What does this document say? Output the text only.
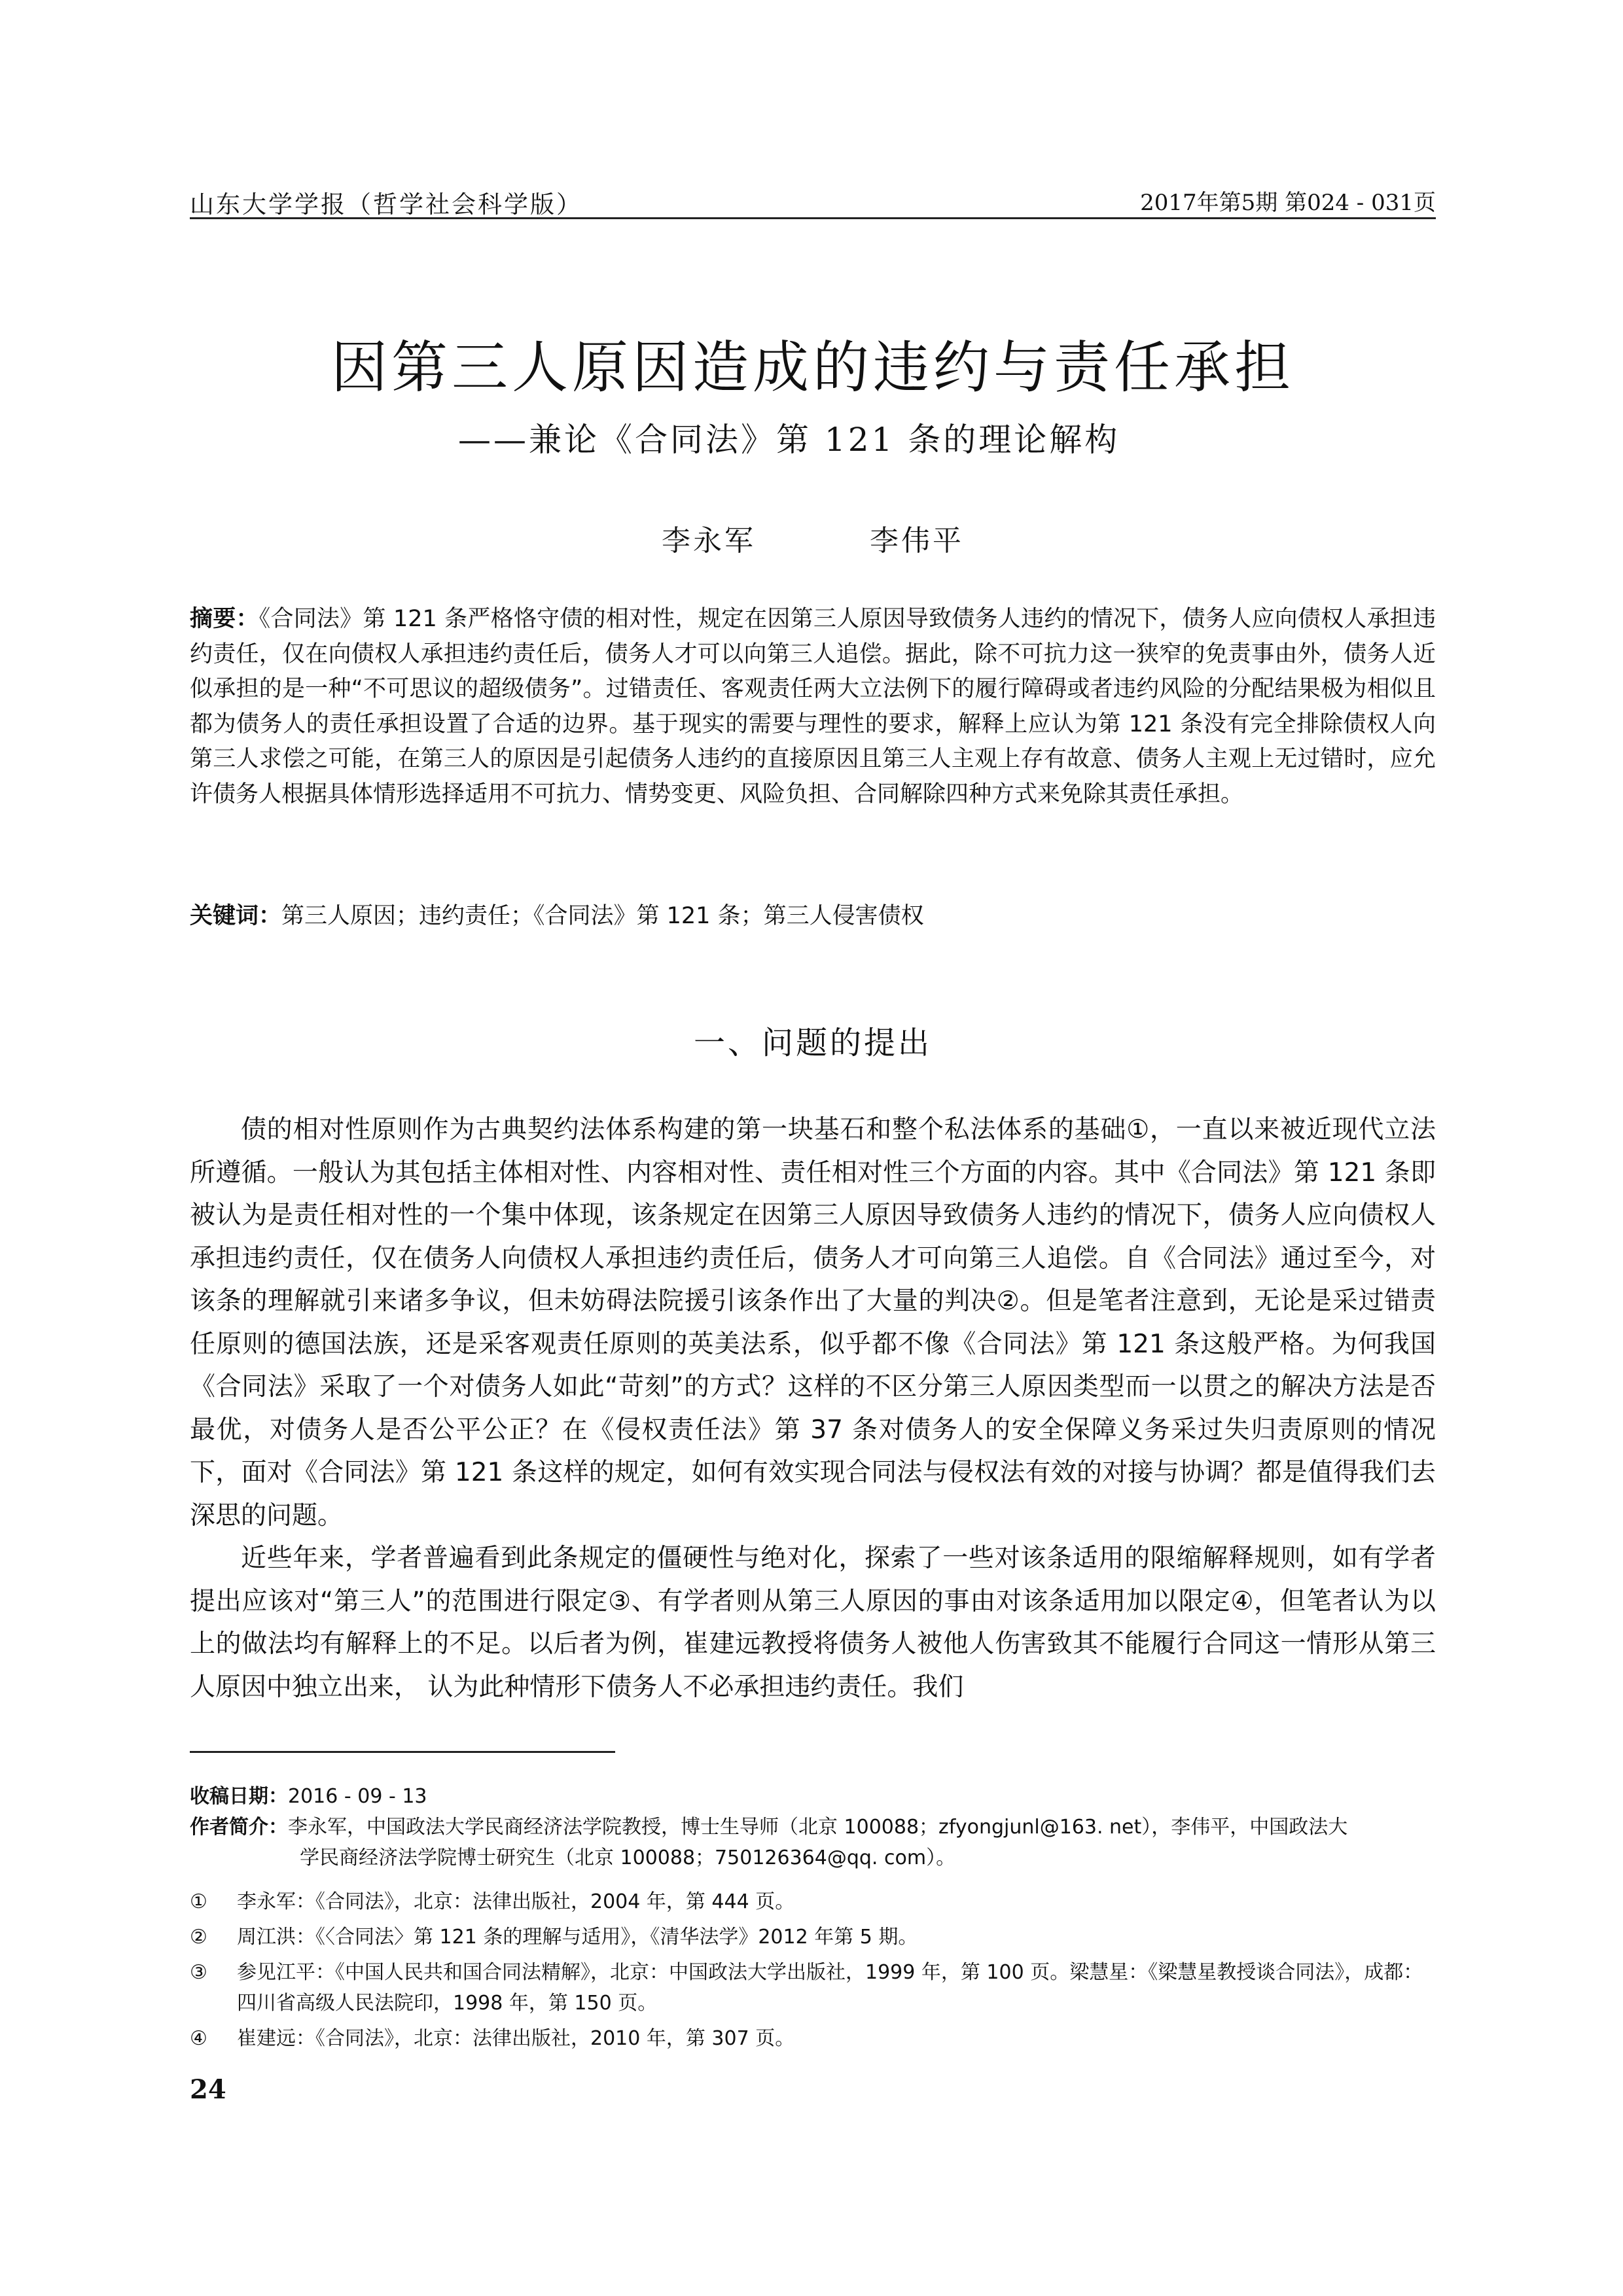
山东大学学报（哲学社会科学版）	2017年第5期 第024 - 031页
因第三人原因造成的违约与责任承担
——兼论《合同法》第 121 条的理论解构
李永军   李伟平
摘要：《合同法》第 121 条严格恪守债的相对性，规定在因第三人原因导致债务人违约的情况下，债务人应向债权人承担违约责任，仅在向债权人承担违约责任后，债务人才可以向第三人追偿。据此，除不可抗力这一狭窄的免责事由外，债务人近似承担的是一种“不可思议的超级债务”。过错责任、客观责任两大立法例下的履行障碍或者违约风险的分配结果极为相似且都为债务人的责任承担设置了合适的边界。基于现实的需要与理性的要求，解释上应认为第 121 条没有完全排除债权人向第三人求偿之可能，在第三人的原因是引起债务人违约的直接原因且第三人主观上存有故意、债务人主观上无过错时，应允许债务人根据具体情形选择适用不可抗力、情势变更、风险负担、合同解除四种方式来免除其责任承担。
关键词：第三人原因；违约责任；《合同法》第 121 条；第三人侵害债权
一、问题的提出

债的相对性原则作为古典契约法体系构建的第一块基石和整个私法体系的基础①，一直以来被近现代立法所遵循。一般认为其包括主体相对性、内容相对性、责任相对性三个方面的内容。其中《合同法》第 121 条即被认为是责任相对性的一个集中体现，该条规定在因第三人原因导致债务人违约的情况下，债务人应向债权人承担违约责任，仅在债务人向债权人承担违约责任后，债务人才可向第三人追偿。自《合同法》通过至今，对该条的理解就引来诸多争议，但未妨碍法院援引该条作出了大量的判决②。但是笔者注意到，无论是采过错责任原则的德国法族，还是采客观责任原则的英美法系，似乎都不像《合同法》第 121 条这般严格。为何我国《合同法》采取了一个对债务人如此“苛刻”的方式？这样的不区分第三人原因类型而一以贯之的解决方法是否最优，对债务人是否公平公正？在《侵权责任法》第 37 条对债务人的安全保障义务采过失归责原则的情况下，面对《合同法》第 121 条这样的规定，如何有效实现合同法与侵权法有效的对接与协调？都是值得我们去深思的问题。

近些年来，学者普遍看到此条规定的僵硬性与绝对化，探索了一些对该条适用的限缩解释规则，如有学者提出应该对“第三人”的范围进行限定③、有学者则从第三人原因的事由对该条适用加以限定④，但笔者认为以上的做法均有解释上的不足。以后者为例，崔建远教授将债务人被他人伤害致其不能履行合同这一情形从第三人原因中独立出来， 认为此种情形下债务人不必承担违约责任。我们

收稿日期：2016 - 09 - 13
作者简介：李永军，中国政法大学民商经济法学院教授，博士生导师（北京 100088；zfyongjunl@163. net），李伟平，中国政法大
学民商经济法学院博士研究生（北京 100088；750126364@qq. com）。
① 李永军：《合同法》，北京：法律出版社，2004 年，第 444 页。
② 周江洪：《〈合同法〉第 121 条的理解与适用》，《清华法学》2012 年第 5 期。
③ 参见江平：《中国人民共和国合同法精解》，北京：中国政法大学出版社，1999 年，第 100 页。梁慧星：《梁慧星教授谈合同法》，成都：四川省高级人民法院印，1998 年，第 150 页。
④ 崔建远：《合同法》，北京：法律出版社，2010 年，第 307 页。
24
